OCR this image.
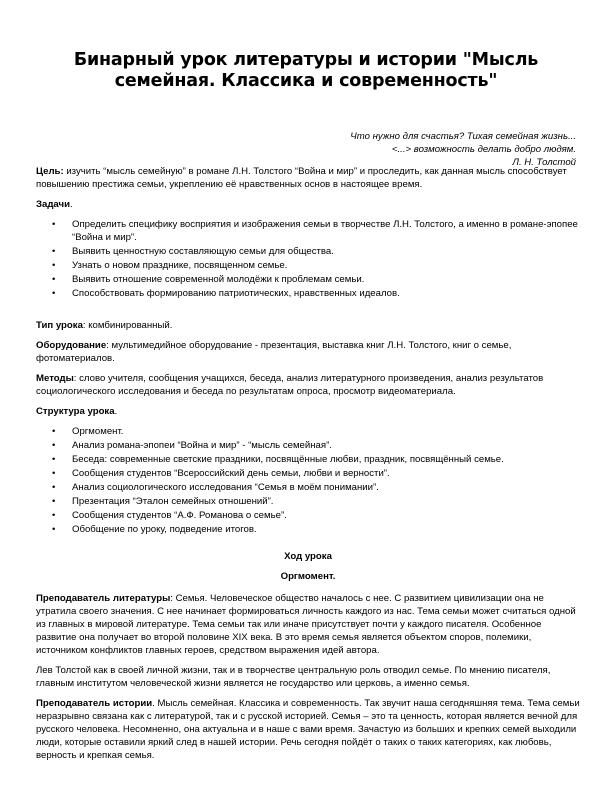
Бинарный урок литературы и истории "Мысль семейная. Классика и современность"
Что нужно для счастья? Тихая семейная жизнь...
<...> возможность делать добро людям.
Л. Н. Толстой

Цель: изучить “мысль семейную” в романе Л.Н. Толстого “Война и мир” и проследить, как данная мысль способствует повышению престижа семьи, укреплению её нравственных основ в настоящее время.

Задачи.

• Определить специфику восприятия и изображения семьи в творчестве Л.Н. Толстого, а именно в романе-эпопее “Война и мир”.
• Выявить ценностную составляющую семьи для общества.
• Узнать о новом празднике, посвященном семье.
• Выявить отношение современной молодёжи к проблемам семьи.
• Способствовать формированию патриотических, нравственных идеалов.

Тип урока: комбинированный.

Оборудование: мультимедийное оборудование - презентация, выставка книг Л.Н. Толстого, книг о семье, фотоматериалов.

Методы: слово учителя, сообщения учащихся, беседа, анализ литературного произведения, анализ результатов социологического исследования и беседа по результатам опроса, просмотр видеоматериала.

Структура урока.

• Оргмомент.
• Анализ романа-эпопеи “Война и мир” - “мысль семейная”.
• Беседа: современные светские праздники, посвящённые любви, праздник, посвящённый семье.
• Сообщения студентов “Всероссийский день семьи, любви и верности”.
• Анализ социологического исследования “Семья в моём понимании”.
• Презентация “Эталон семейных отношений”.
• Сообщения студентов “А.Ф. Романова о семье”.
• Обобщение по уроку, подведение итогов.
Ход урока
Оргмомент.

Преподаватель литературы: Семья. Человеческое общество началось с нее. С развитием цивилизации она не утратила своего значения. С нее начинает формироваться личность каждого из нас. Тема семьи может считаться одной из главных в мировой литературе. Тема семьи так или иначе присутствует почти у каждого писателя. Особенное развитие она получает во второй половине XIX века. В это время семья является объектом споров, полемики, источником конфликтов главных героев, средством выражения идей автора.

Лев Толстой как в своей личной жизни, так и в творчестве центральную роль отводил семье. По мнению писателя, главным институтом человеческой жизни является не государство или церковь, а именно семья.

Преподаватель истории. Мысль семейная. Классика и современность. Так звучит наша сегодняшняя тема. Тема семьи неразрывно связана как с литературой, так и с русской историей. Семья – это та ценность, которая является вечной для русского человека. Несомненно, она актуальна и в наше с вами время. Зачастую из больших и крепких семей выходили люди, которые оставили яркий след в нашей истории. Речь сегодня пойдёт о таких о таких категориях, как любовь, верность и крепкая семья.
